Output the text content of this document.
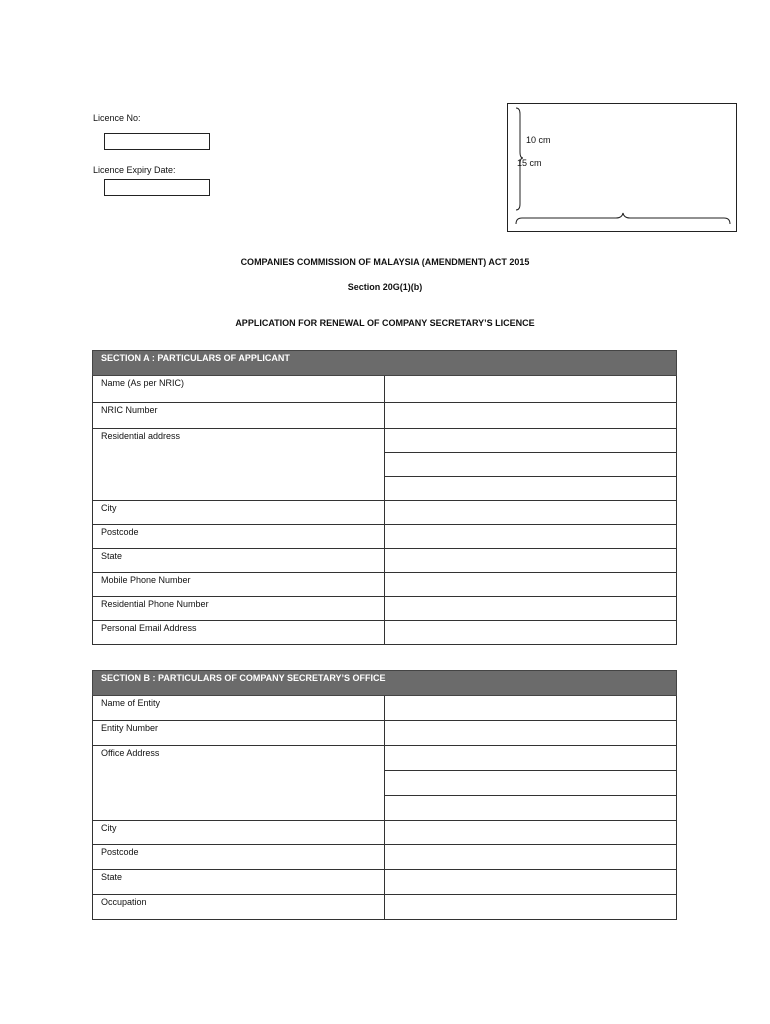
Licence No:
Licence Expiry Date:
10 cm
15 cm
COMPANIES COMMISSION OF MALAYSIA (AMENDMENT) ACT 2015
Section 20G(1)(b)
APPLICATION FOR RENEWAL OF COMPANY SECRETARY’S LICENCE
SECTION A : PARTICULARS OF APPLICANT	
Name (As per NRIC)	
NRIC Number	
Residential address	

City	
Postcode	
State	
Mobile Phone Number	
Residential Phone Number	
Personal Email Address	
SECTION B : PARTICULARS OF COMPANY SECRETARY’S OFFICE	
Name of Entity	
Entity Number	
Office Address	

City	
Postcode	
State	
Occupation	
